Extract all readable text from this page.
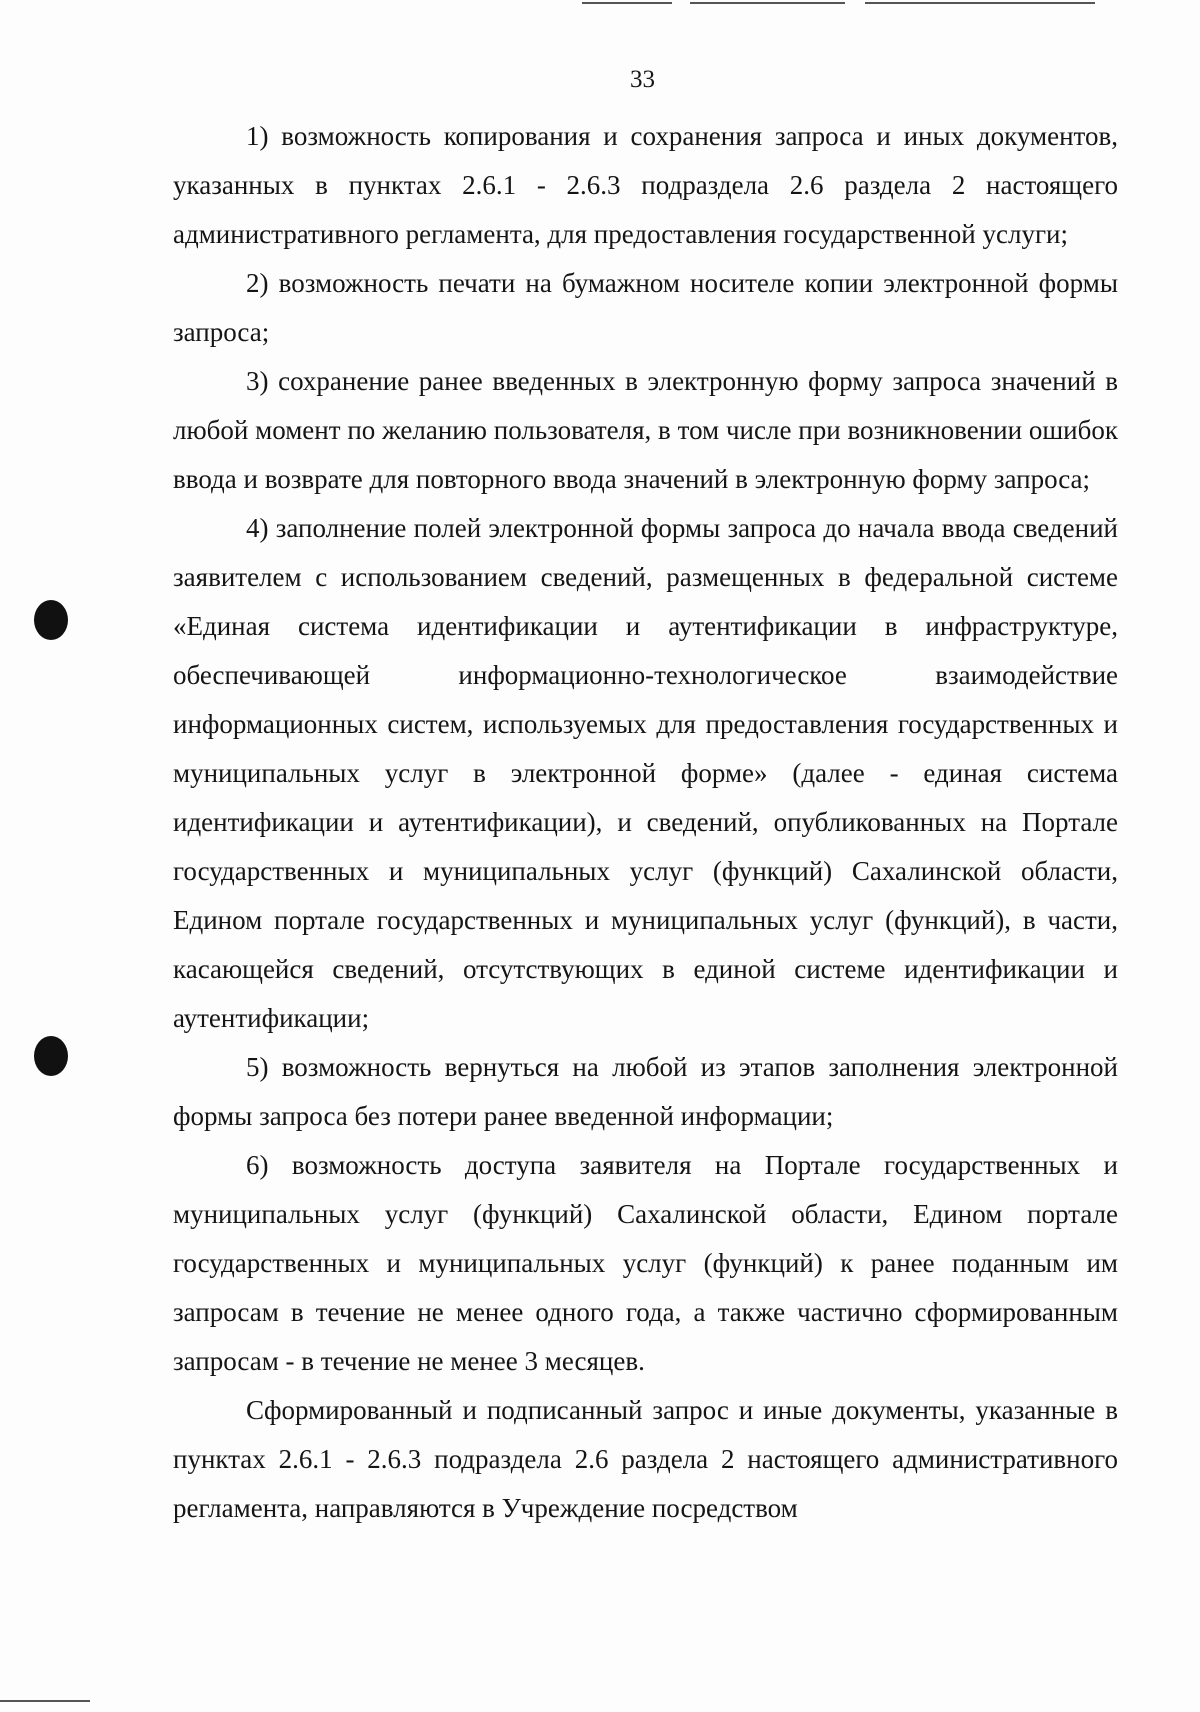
33

1) возможность копирования и сохранения запроса и иных документов, указанных в пунктах 2.6.1 - 2.6.3 подраздела 2.6 раздела 2 настоящего административного регламента, для предоставления государственной услуги;

2) возможность печати на бумажном носителе копии электронной формы запроса;

3) сохранение ранее введенных в электронную форму запроса значений в любой момент по желанию пользователя, в том числе при возникновении ошибок ввода и возврате для повторного ввода значений в электронную форму запроса;

4) заполнение полей электронной формы запроса до начала ввода сведений заявителем с использованием сведений, размещенных в федеральной системе «Единая система идентификации и аутентификации в инфраструктуре, обеспечивающей информационно-технологическое взаимодействие информационных систем, используемых для предоставления государственных и муниципальных услуг в электронной форме» (далее - единая система идентификации и аутентификации), и сведений, опубликованных на Портале государственных и муниципальных услуг (функций) Сахалинской области, Едином портале государственных и муниципальных услуг (функций), в части, касающейся сведений, отсутствующих в единой системе идентификации и аутентификации;

5) возможность вернуться на любой из этапов заполнения электронной формы запроса без потери ранее введенной информации;

6) возможность доступа заявителя на Портале государственных и муниципальных услуг (функций) Сахалинской области, Едином портале государственных и муниципальных услуг (функций) к ранее поданным им запросам в течение не менее одного года, а также частично сформированным запросам - в течение не менее 3 месяцев.

Сформированный и подписанный запрос и иные документы, указанные в пунктах 2.6.1 - 2.6.3 подраздела 2.6 раздела 2 настоящего административного регламента, направляются в Учреждение посредством
